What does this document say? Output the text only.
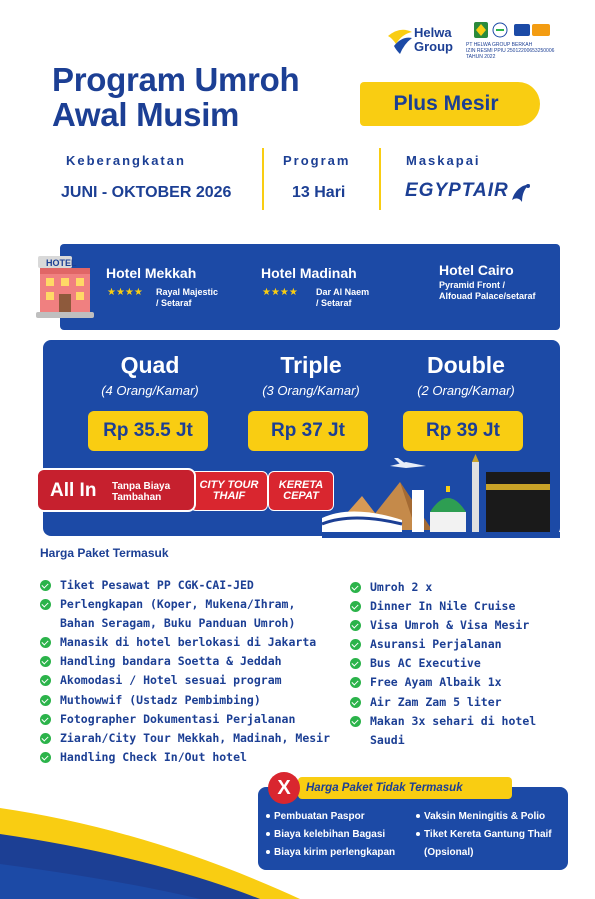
Helwa
Group	PT HELWA GROUP BERKAH
IZIN RESMI PPIU 25012200653250006
TAHUN 2022
Program Umroh
Awal Musim	Plus Mesir
Keberangkatan
JUNI - OKTOBER 2026
Program
13 Hari
Maskapai
EGYPTAIR
HOTEL
Hotel Mekkah
★★★★ Rayal Majestic
/ Setaraf
Hotel Madinah
★★★★ Dar Al Naem
/ Setaraf
Hotel Cairo
Pyramid Front /
Alfouad Palace/setaraf
Quad
(4 Orang/Kamar)
Rp 35.5 Jt
Triple
(3 Orang/Kamar)
Rp 37 Jt
Double
(2 Orang/Kamar)
Rp 39 Jt
KERETA
CEPAT
CITY TOUR
THAIF
All In Tanpa Biaya
Tambahan
Harga Paket Termasuk
Tiket Pesawat PP CGK-CAI-JED
Perlengkapan (Koper, Mukena/Ihram,
Bahan Seragam, Buku Panduan Umroh)
Manasik di hotel berlokasi di Jakarta
Handling bandara Soetta & Jeddah
Akomodasi / Hotel sesuai program
Muthowwif (Ustadz Pembimbing)
Fotographer Dokumentasi Perjalanan
Ziarah/City Tour Mekkah, Madinah, Mesir
Handling Check In/Out hotel
Umroh 2 x
Dinner In Nile Cruise
Visa Umroh & Visa Mesir
Asuransi Perjalanan
Bus AC Executive
Free Ayam Albaik 1x
Air Zam Zam 5 liter
Makan 3x sehari di hotel Saudi
Harga Paket Tidak Termasuk
X
Pembuatan Paspor
Biaya kelebihan Bagasi
Biaya kirim perlengkapan
Vaksin Meningitis & Polio
Tiket Kereta Gantung Thaif
(Opsional)
